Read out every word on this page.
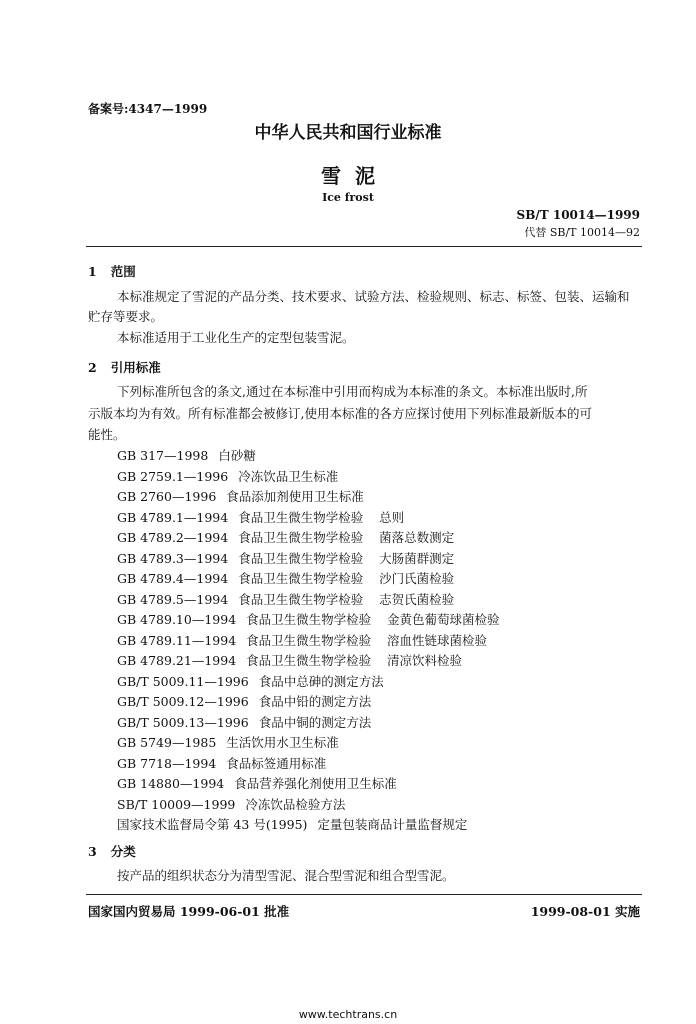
备案号:4347—1999
中华人民共和国行业标准
雪  泥
Ice frost
SB/T 10014—1999
代替 SB/T 10014—92
1 范围
本标准规定了雪泥的产品分类、技术要求、试验方法、检验规则、标志、标签、包装、运输和
贮存等要求。
本标准适用于工业化生产的定型包装雪泥。
2 引用标准
下列标准所包含的条文,通过在本标准中引用而构成为本标准的条文。本标准出版时,所
示版本均为有效。所有标准都会被修订,使用本标准的各方应探讨使用下列标准最新版本的可
能性。
GB 317—1998 白砂糖
GB 2759.1—1996 冷冻饮品卫生标准
GB 2760—1996 食品添加剂使用卫生标准
GB 4789.1—1994 食品卫生微生物学检验    总则
GB 4789.2—1994 食品卫生微生物学检验    菌落总数测定
GB 4789.3—1994 食品卫生微生物学检验    大肠菌群测定
GB 4789.4—1994 食品卫生微生物学检验    沙门氏菌检验
GB 4789.5—1994 食品卫生微生物学检验    志贺氏菌检验
GB 4789.10—1994 食品卫生微生物学检验    金黄色葡萄球菌检验
GB 4789.11—1994 食品卫生微生物学检验    溶血性链球菌检验
GB 4789.21—1994 食品卫生微生物学检验    清凉饮料检验
GB/T 5009.11—1996 食品中总砷的测定方法
GB/T 5009.12—1996 食品中铅的测定方法
GB/T 5009.13—1996 食品中铜的测定方法
GB 5749—1985 生活饮用水卫生标准
GB 7718—1994 食品标签通用标准
GB 14880—1994 食品营养强化剂使用卫生标准
SB/T 10009—1999 冷冻饮品检验方法
国家技术监督局令第 43 号(1995) 定量包装商品计量监督规定
3 分类
按产品的组织状态分为清型雪泥、混合型雪泥和组合型雪泥。
国家国内贸易局 1999-06-01 批准	1999-08-01 实施
www.techtrans.cn
